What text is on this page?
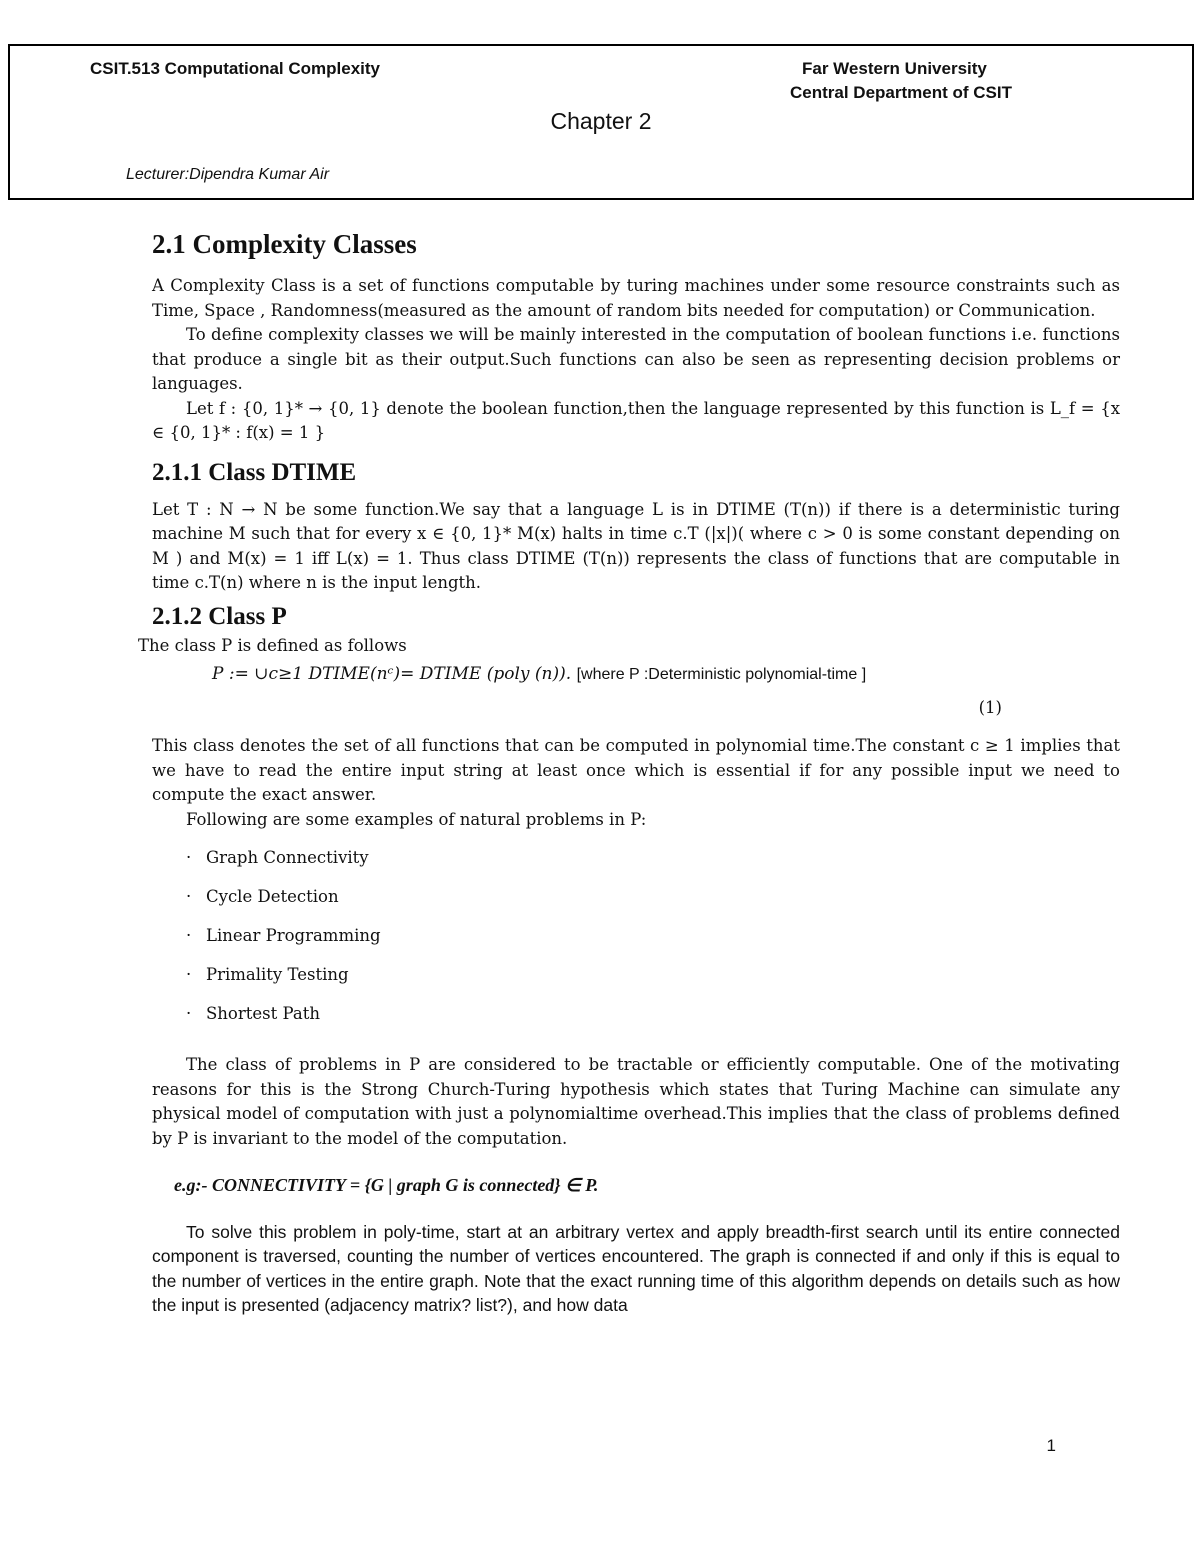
CSIT.513 Computational Complexity	Far Western University
Central Department of CSIT
Chapter 2
Lecturer:Dipendra Kumar Air
2.1 Complexity Classes

A Complexity Class is a set of functions computable by turing machines under some resource constraints such as Time, Space , Randomness(measured as the amount of random bits needed for computation) or Communication.

To define complexity classes we will be mainly interested in the computation of boolean functions i.e. functions that produce a single bit as their output.Such functions can also be seen as representing decision problems or languages.

Let f : {0, 1}* → {0, 1} denote the boolean function,then the language represented by this function is L_f = {x ∈ {0, 1}* : f(x) = 1 }

2.1.1 Class DTIME

Let T : N → N be some function.We say that a language L is in DTIME (T(n)) if there is a deterministic turing machine M such that for every x ∈ {0, 1}* M(x) halts in time c.T (|x|)( where c > 0 is some constant depending on M ) and M(x) = 1 iff L(x) = 1. Thus class DTIME (T(n)) represents the class of functions that are computable in time c.T(n) where n is the input length.

2.1.2 Class P

The class P is defined as follows

P := ∪c≥1 DTIME(nᶜ)= DTIME (poly (n)). [where P :Deterministic polynomial-time ]
(1)

This class denotes the set of all functions that can be computed in polynomial time.The constant c ≥ 1 implies that we have to read the entire input string at least once which is essential if for any possible input we need to compute the exact answer.

Following are some examples of natural problems in P:

· Graph Connectivity
· Cycle Detection
· Linear Programming
· Primality Testing
· Shortest Path

The class of problems in P are considered to be tractable or efficiently computable. One of the motivating reasons for this is the Strong Church-Turing hypothesis which states that Turing Machine can simulate any physical model of computation with just a polynomialtime overhead.This implies that the class of problems defined by P is invariant to the model of the computation.

e.g:- CONNECTIVITY = {G | graph G is connected} ∈ P.

To solve this problem in poly-time, start at an arbitrary vertex and apply breadth-first search until its entire connected component is traversed, counting the number of vertices encountered. The graph is connected if and only if this is equal to the number of vertices in the entire graph. Note that the exact running time of this algorithm depends on details such as how the input is presented (adjacency matrix? list?), and how data

1
